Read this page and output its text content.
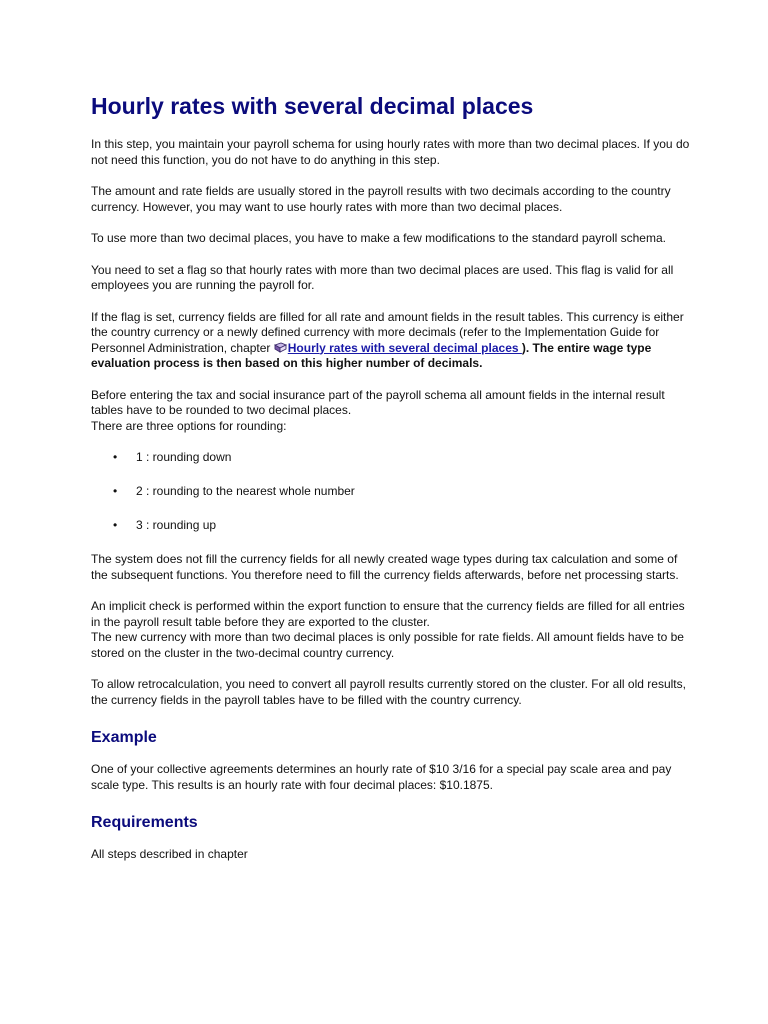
Hourly rates with several decimal places

In this step, you maintain your payroll schema for using hourly rates with more than two decimal places. If you do not need this function, you do not have to do anything in this step.

The amount and rate fields are usually stored in the payroll results with two decimals according to the country currency. However, you may want to use hourly rates with more than two decimal places.

To use more than two decimal places, you have to make a few modifications to the standard payroll schema.

You need to set a flag so that hourly rates with more than two decimal places are used. This flag is valid for all employees you are running the payroll for.

If the flag is set, currency fields are filled for all rate and amount fields in the result tables. This currency is either the country currency or a newly defined currency with more decimals (refer to the Implementation Guide for Personnel Administration, chapter Hourly rates with several decimal places ). The entire wage type evaluation process is then based on this higher number of decimals.

Before entering the tax and social insurance part of the payroll schema all amount fields in the internal result tables have to be rounded to two decimal places.

There are three options for rounding:

• 1 : rounding down
• 2 : rounding to the nearest whole number
• 3 : rounding up

The system does not fill the currency fields for all newly created wage types during tax calculation and some of the subsequent functions. You therefore need to fill the currency fields afterwards, before net processing starts.

An implicit check is performed within the export function to ensure that the currency fields are filled for all entries in the payroll result table before they are exported to the cluster.

The new currency with more than two decimal places is only possible for rate fields. All amount fields have to be stored on the cluster in the two-decimal country currency.

To allow retrocalculation, you need to convert all payroll results currently stored on the cluster. For all old results, the currency fields in the payroll tables have to be filled with the country currency.

Example

One of your collective agreements determines an hourly rate of $10 3/16 for a special pay scale area and pay scale type. This results is an hourly rate with four decimal places: $10.1875.

Requirements

All steps described in chapter
